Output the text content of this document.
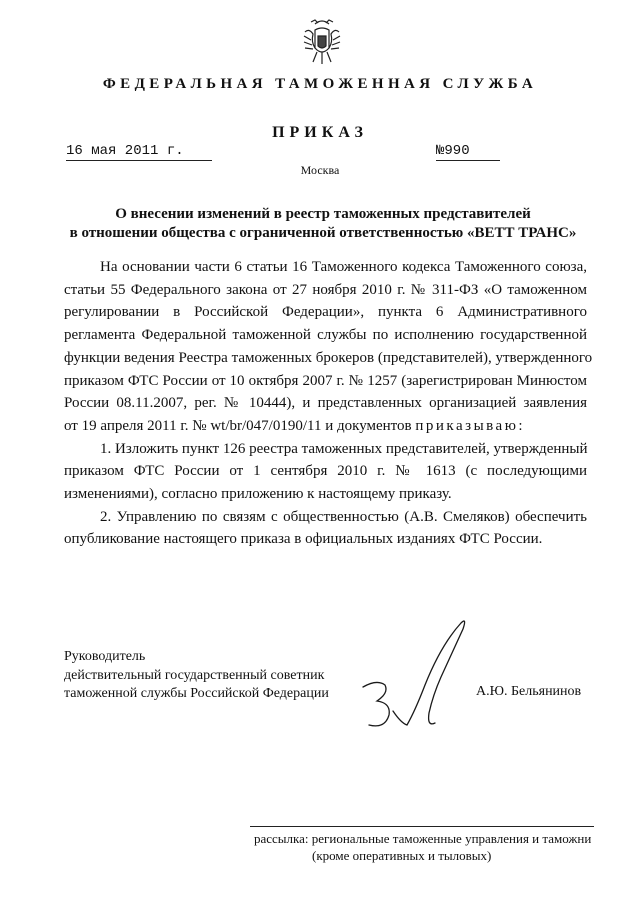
ФЕДЕРАЛЬНАЯ ТАМОЖЕННАЯ СЛУЖБА
ПРИКАЗ
16 мая 2011 г.	№990
Москва
О внесении изменений в реестр таможенных представителей
в отношении общества с ограниченной ответственностью «ВЕТТ ТРАНС»
На основании части 6 статьи 16 Таможенного кодекса Таможенного союза,
статьи 55 Федерального закона от 27 ноября 2010 г. № 311-ФЗ «О таможенном
регулировании в Российской Федерации», пункта 6 Административного
регламента Федеральной таможенной службы по исполнению государственной
функции ведения Реестра таможенных брокеров (представителей), утвержденного
приказом ФТС России от 10 октября 2007 г. № 1257 (зарегистрирован Минюстом
России 08.11.2007, рег. № 10444), и представленных организацией заявления
от 19 апреля 2011 г. № wt/br/047/0190/11 и документов приказываю:
1. Изложить пункт 126 реестра таможенных представителей, утвержденный
приказом ФТС России от 1 сентября 2010 г. № 1613 (с последующими
изменениями), согласно приложению к настоящему приказу.
2. Управлению по связям с общественностью (А.В. Смеляков) обеспечить
опубликование настоящего приказа в официальных изданиях ФТС России.
Руководитель
действительный государственный советник
таможенной службы Российской Федерации	А.Ю. Бельянинов
рассылка: региональные таможенные управления и таможни
(кроме оперативных и тыловых)
